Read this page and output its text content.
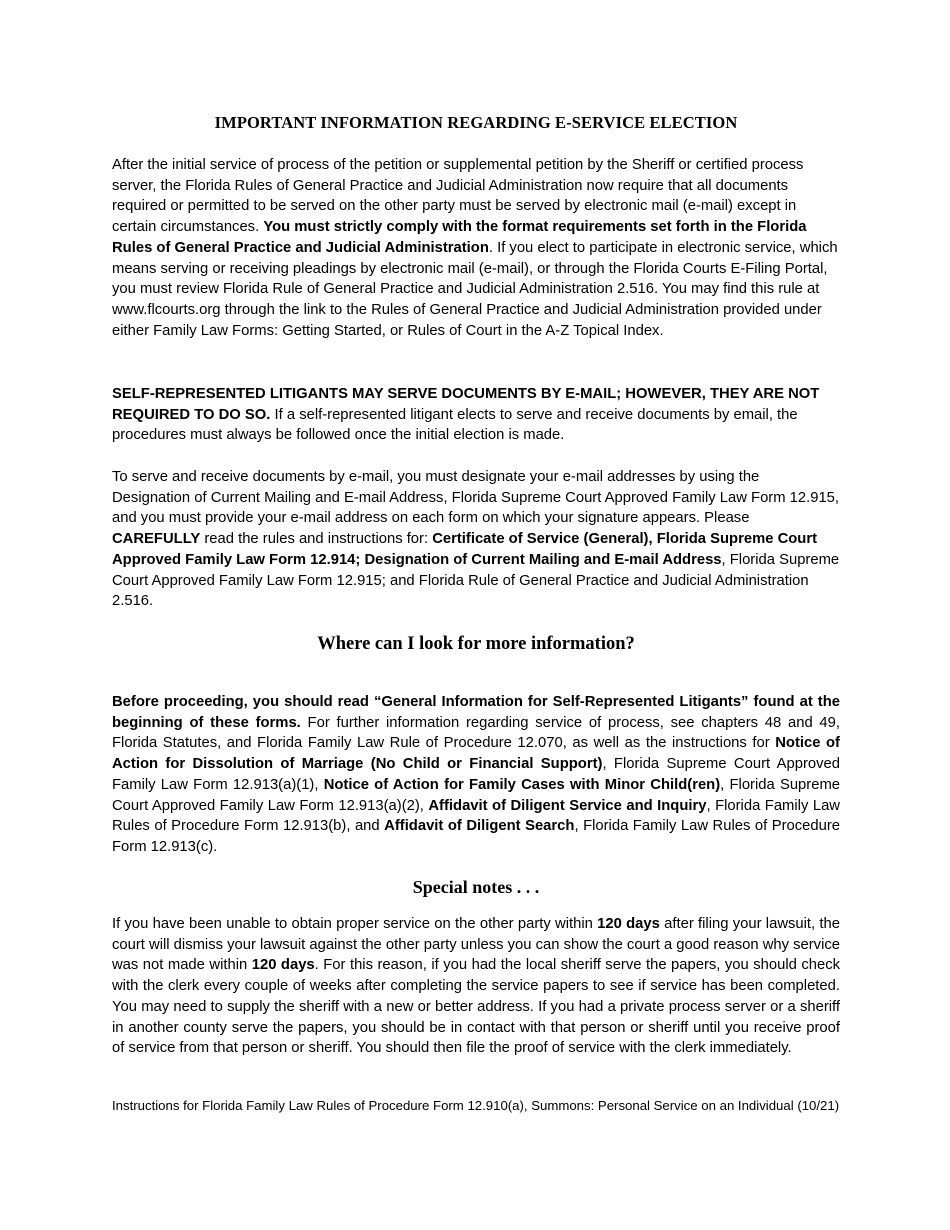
IMPORTANT INFORMATION REGARDING E-SERVICE ELECTION

After the initial service of process of the petition or supplemental petition by the Sheriff or certified process server, the Florida Rules of General Practice and Judicial Administration now require that all documents required or permitted to be served on the other party must be served by electronic mail (e-mail) except in certain circumstances. You must strictly comply with the format requirements set forth in the Florida Rules of General Practice and Judicial Administration. If you elect to participate in electronic service, which means serving or receiving pleadings by electronic mail (e-mail), or through the Florida Courts E-Filing Portal, you must review Florida Rule of General Practice and Judicial Administration 2.516. You may find this rule at www.flcourts.org through the link to the Rules of General Practice and Judicial Administration provided under either Family Law Forms: Getting Started, or Rules of Court in the A-Z Topical Index.

SELF-REPRESENTED LITIGANTS MAY SERVE DOCUMENTS BY E-MAIL; HOWEVER, THEY ARE NOT REQUIRED TO DO SO. If a self-represented litigant elects to serve and receive documents by email, the procedures must always be followed once the initial election is made.

To serve and receive documents by e-mail, you must designate your e-mail addresses by using the Designation of Current Mailing and E-mail Address, Florida Supreme Court Approved Family Law Form 12.915, and you must provide your e-mail address on each form on which your signature appears. Please CAREFULLY read the rules and instructions for: Certificate of Service (General), Florida Supreme Court Approved Family Law Form 12.914; Designation of Current Mailing and E-mail Address, Florida Supreme Court Approved Family Law Form 12.915; and Florida Rule of General Practice and Judicial Administration 2.516.

Where can I look for more information?

Before proceeding, you should read “General Information for Self-Represented Litigants” found at the beginning of these forms. For further information regarding service of process, see chapters 48 and 49, Florida Statutes, and Florida Family Law Rule of Procedure 12.070, as well as the instructions for Notice of Action for Dissolution of Marriage (No Child or Financial Support), Florida Supreme Court Approved Family Law Form 12.913(a)(1), Notice of Action for Family Cases with Minor Child(ren), Florida Supreme Court Approved Family Law Form 12.913(a)(2), Affidavit of Diligent Service and Inquiry, Florida Family Law Rules of Procedure Form 12.913(b), and Affidavit of Diligent Search, Florida Family Law Rules of Procedure Form 12.913(c).

Special notes . . .

If you have been unable to obtain proper service on the other party within 120 days after filing your lawsuit, the court will dismiss your lawsuit against the other party unless you can show the court a good reason why service was not made within 120 days. For this reason, if you had the local sheriff serve the papers, you should check with the clerk every couple of weeks after completing the service papers to see if service has been completed. You may need to supply the sheriff with a new or better address. If you had a private process server or a sheriff in another county serve the papers, you should be in contact with that person or sheriff until you receive proof of service from that person or sheriff. You should then file the proof of service with the clerk immediately.

Instructions for Florida Family Law Rules of Procedure Form 12.910(a), Summons: Personal Service on an Individual (10/21)
